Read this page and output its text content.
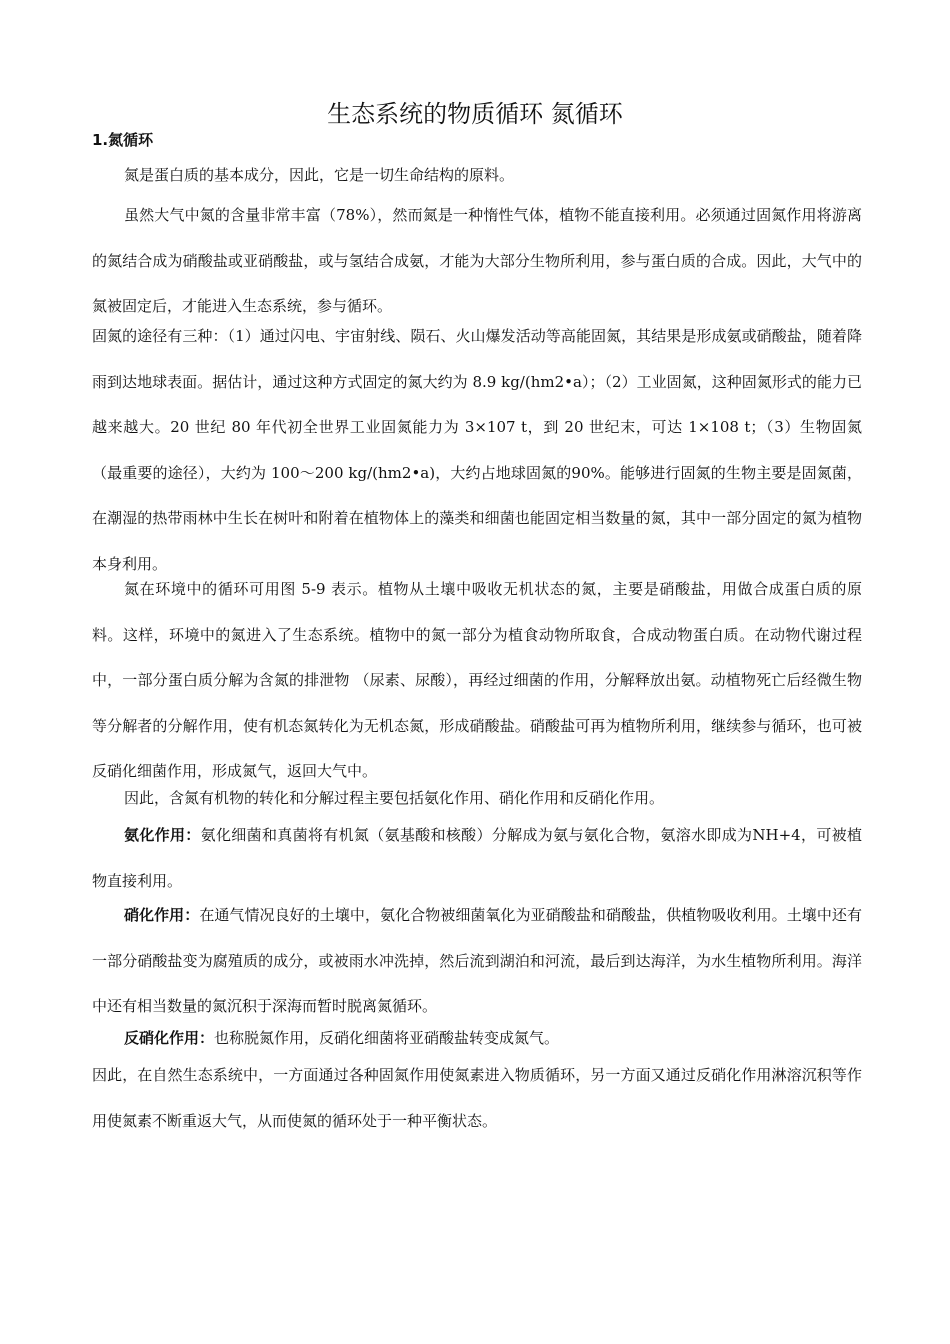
生态系统的物质循环 氮循环
1.氮循环

氮是蛋白质的基本成分，因此，它是一切生命结构的原料。

虽然大气中氮的含量非常丰富（78%），然而氮是一种惰性气体，植物不能直接利用。必须通过固氮作用将游离的氮结合成为硝酸盐或亚硝酸盐，或与氢结合成氨，才能为大部分生物所利用，参与蛋白质的合成。因此，大气中的氮被固定后，才能进入生态系统，参与循环。

固氮的途径有三种：（1）通过闪电、宇宙射线、陨石、火山爆发活动等高能固氮，其结果是形成氨或硝酸盐，随着降雨到达地球表面。据估计，通过这种方式固定的氮大约为 8.9 kg/(hm2•a）；（2）工业固氮，这种固氮形式的能力已越来越大。20 世纪 80 年代初全世界工业固氮能力为 3×107 t，到 20 世纪末，可达 1×108 t；（3）生物固氮（最重要的途径），大约为 100～200 kg/(hm2•a)，大约占地球固氮的90%。能够进行固氮的生物主要是固氮菌，在潮湿的热带雨林中生长在树叶和附着在植物体上的藻类和细菌也能固定相当数量的氮，其中一部分固定的氮为植物本身利用。

氮在环境中的循环可用图 5-9 表示。植物从土壤中吸收无机状态的氮，主要是硝酸盐，用做合成蛋白质的原料。这样，环境中的氮进入了生态系统。植物中的氮一部分为植食动物所取食，合成动物蛋白质。在动物代谢过程中，一部分蛋白质分解为含氮的排泄物 （尿素、尿酸），再经过细菌的作用，分解释放出氨。动植物死亡后经微生物等分解者的分解作用，使有机态氮转化为无机态氮，形成硝酸盐。硝酸盐可再为植物所利用，继续参与循环，也可被反硝化细菌作用，形成氮气，返回大气中。

因此，含氮有机物的转化和分解过程主要包括氨化作用、硝化作用和反硝化作用。

氨化作用：氨化细菌和真菌将有机氮（氨基酸和核酸）分解成为氨与氨化合物，氨溶水即成为NH+4，可被植物直接利用。

硝化作用：在通气情况良好的土壤中，氨化合物被细菌氧化为亚硝酸盐和硝酸盐，供植物吸收利用。土壤中还有一部分硝酸盐变为腐殖质的成分，或被雨水冲洗掉，然后流到湖泊和河流，最后到达海洋，为水生植物所利用。海洋中还有相当数量的氮沉积于深海而暂时脱离氮循环。

反硝化作用：也称脱氮作用，反硝化细菌将亚硝酸盐转变成氮气。

因此，在自然生态系统中，一方面通过各种固氮作用使氮素进入物质循环，另一方面又通过反硝化作用淋溶沉积等作用使氮素不断重返大气，从而使氮的循环处于一种平衡状态。
